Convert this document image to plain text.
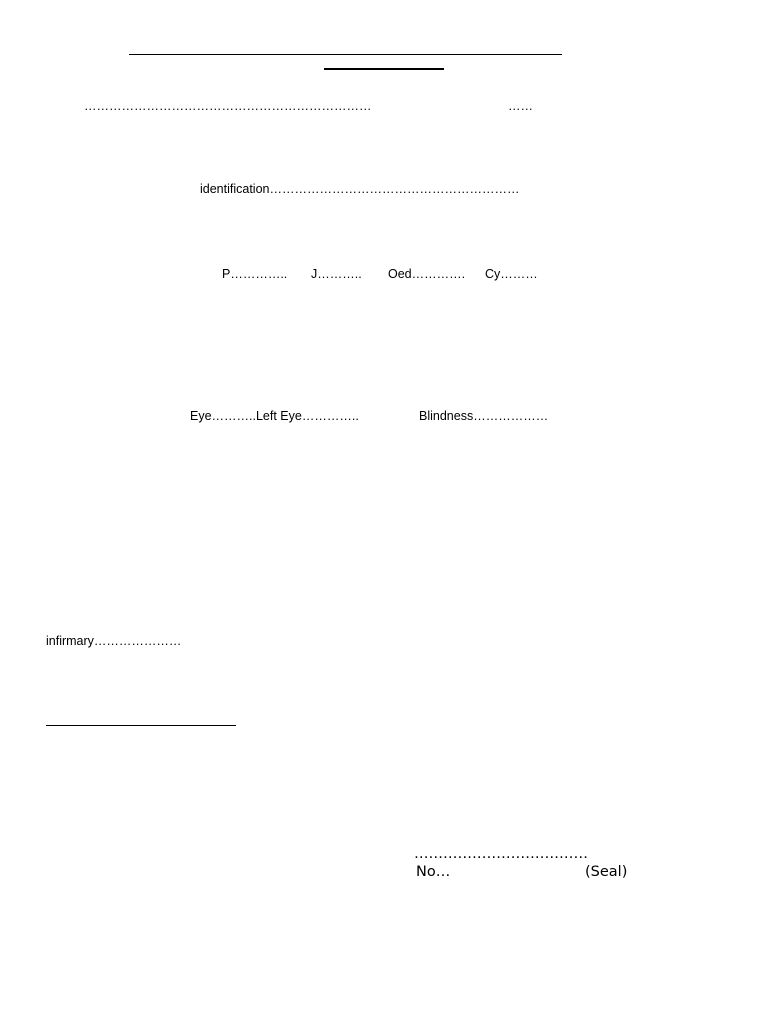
……………………………………………………………	……
identification……………………………………………………
P………….. J……….. Oed…………. Cy………
Eye………..Left Eye…………..	Blindness………………
infirmary…………………
………………………………
No…	(Seal)
